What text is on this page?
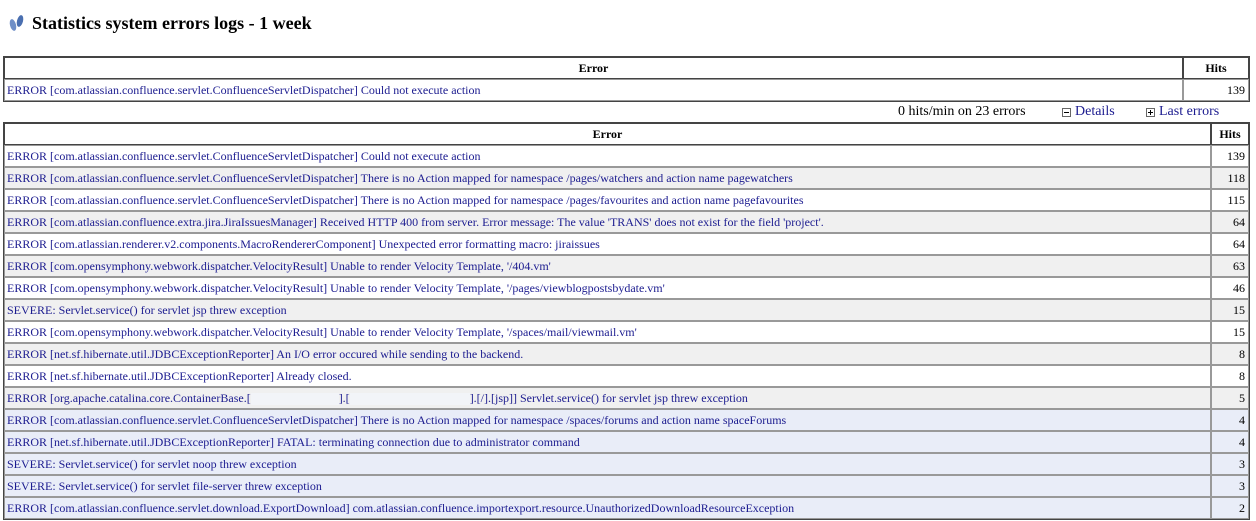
Statistics system errors logs - 1 week
Error	Hits
ERROR [com.atlassian.confluence.servlet.ConfluenceServletDispatcher] Could not execute action	139
0 hits/min on 23 errors	Details	Last errors
Error	Hits
ERROR [com.atlassian.confluence.servlet.ConfluenceServletDispatcher] Could not execute action	139
ERROR [com.atlassian.confluence.servlet.ConfluenceServletDispatcher] There is no Action mapped for namespace /pages/watchers and action name pagewatchers	118
ERROR [com.atlassian.confluence.servlet.ConfluenceServletDispatcher] There is no Action mapped for namespace /pages/favourites and action name pagefavourites	115
ERROR [com.atlassian.confluence.extra.jira.JiraIssuesManager] Received HTTP 400 from server. Error message: The value 'TRANS' does not exist for the field 'project'.	64
ERROR [com.atlassian.renderer.v2.components.MacroRendererComponent] Unexpected error formatting macro: jiraissues	64
ERROR [com.opensymphony.webwork.dispatcher.VelocityResult] Unable to render Velocity Template, '/404.vm'	63
ERROR [com.opensymphony.webwork.dispatcher.VelocityResult] Unable to render Velocity Template, '/pages/viewblogpostsbydate.vm'	46
SEVERE: Servlet.service() for servlet jsp threw exception	15
ERROR [com.opensymphony.webwork.dispatcher.VelocityResult] Unable to render Velocity Template, '/spaces/mail/viewmail.vm'	15
ERROR [net.sf.hibernate.util.JDBCExceptionReporter] An I/O error occured while sending to the backend.	8
ERROR [net.sf.hibernate.util.JDBCExceptionReporter] Already closed.	8
ERROR [org.apache.catalina.core.ContainerBase.[ ].[ ].[/].[jsp]] Servlet.service() for servlet jsp threw exception	5
ERROR [com.atlassian.confluence.servlet.ConfluenceServletDispatcher] There is no Action mapped for namespace /spaces/forums and action name spaceForums	4
ERROR [net.sf.hibernate.util.JDBCExceptionReporter] FATAL: terminating connection due to administrator command	4
SEVERE: Servlet.service() for servlet noop threw exception	3
SEVERE: Servlet.service() for servlet file-server threw exception	3
ERROR [com.atlassian.confluence.servlet.download.ExportDownload] com.atlassian.confluence.importexport.resource.UnauthorizedDownloadResourceException	2
